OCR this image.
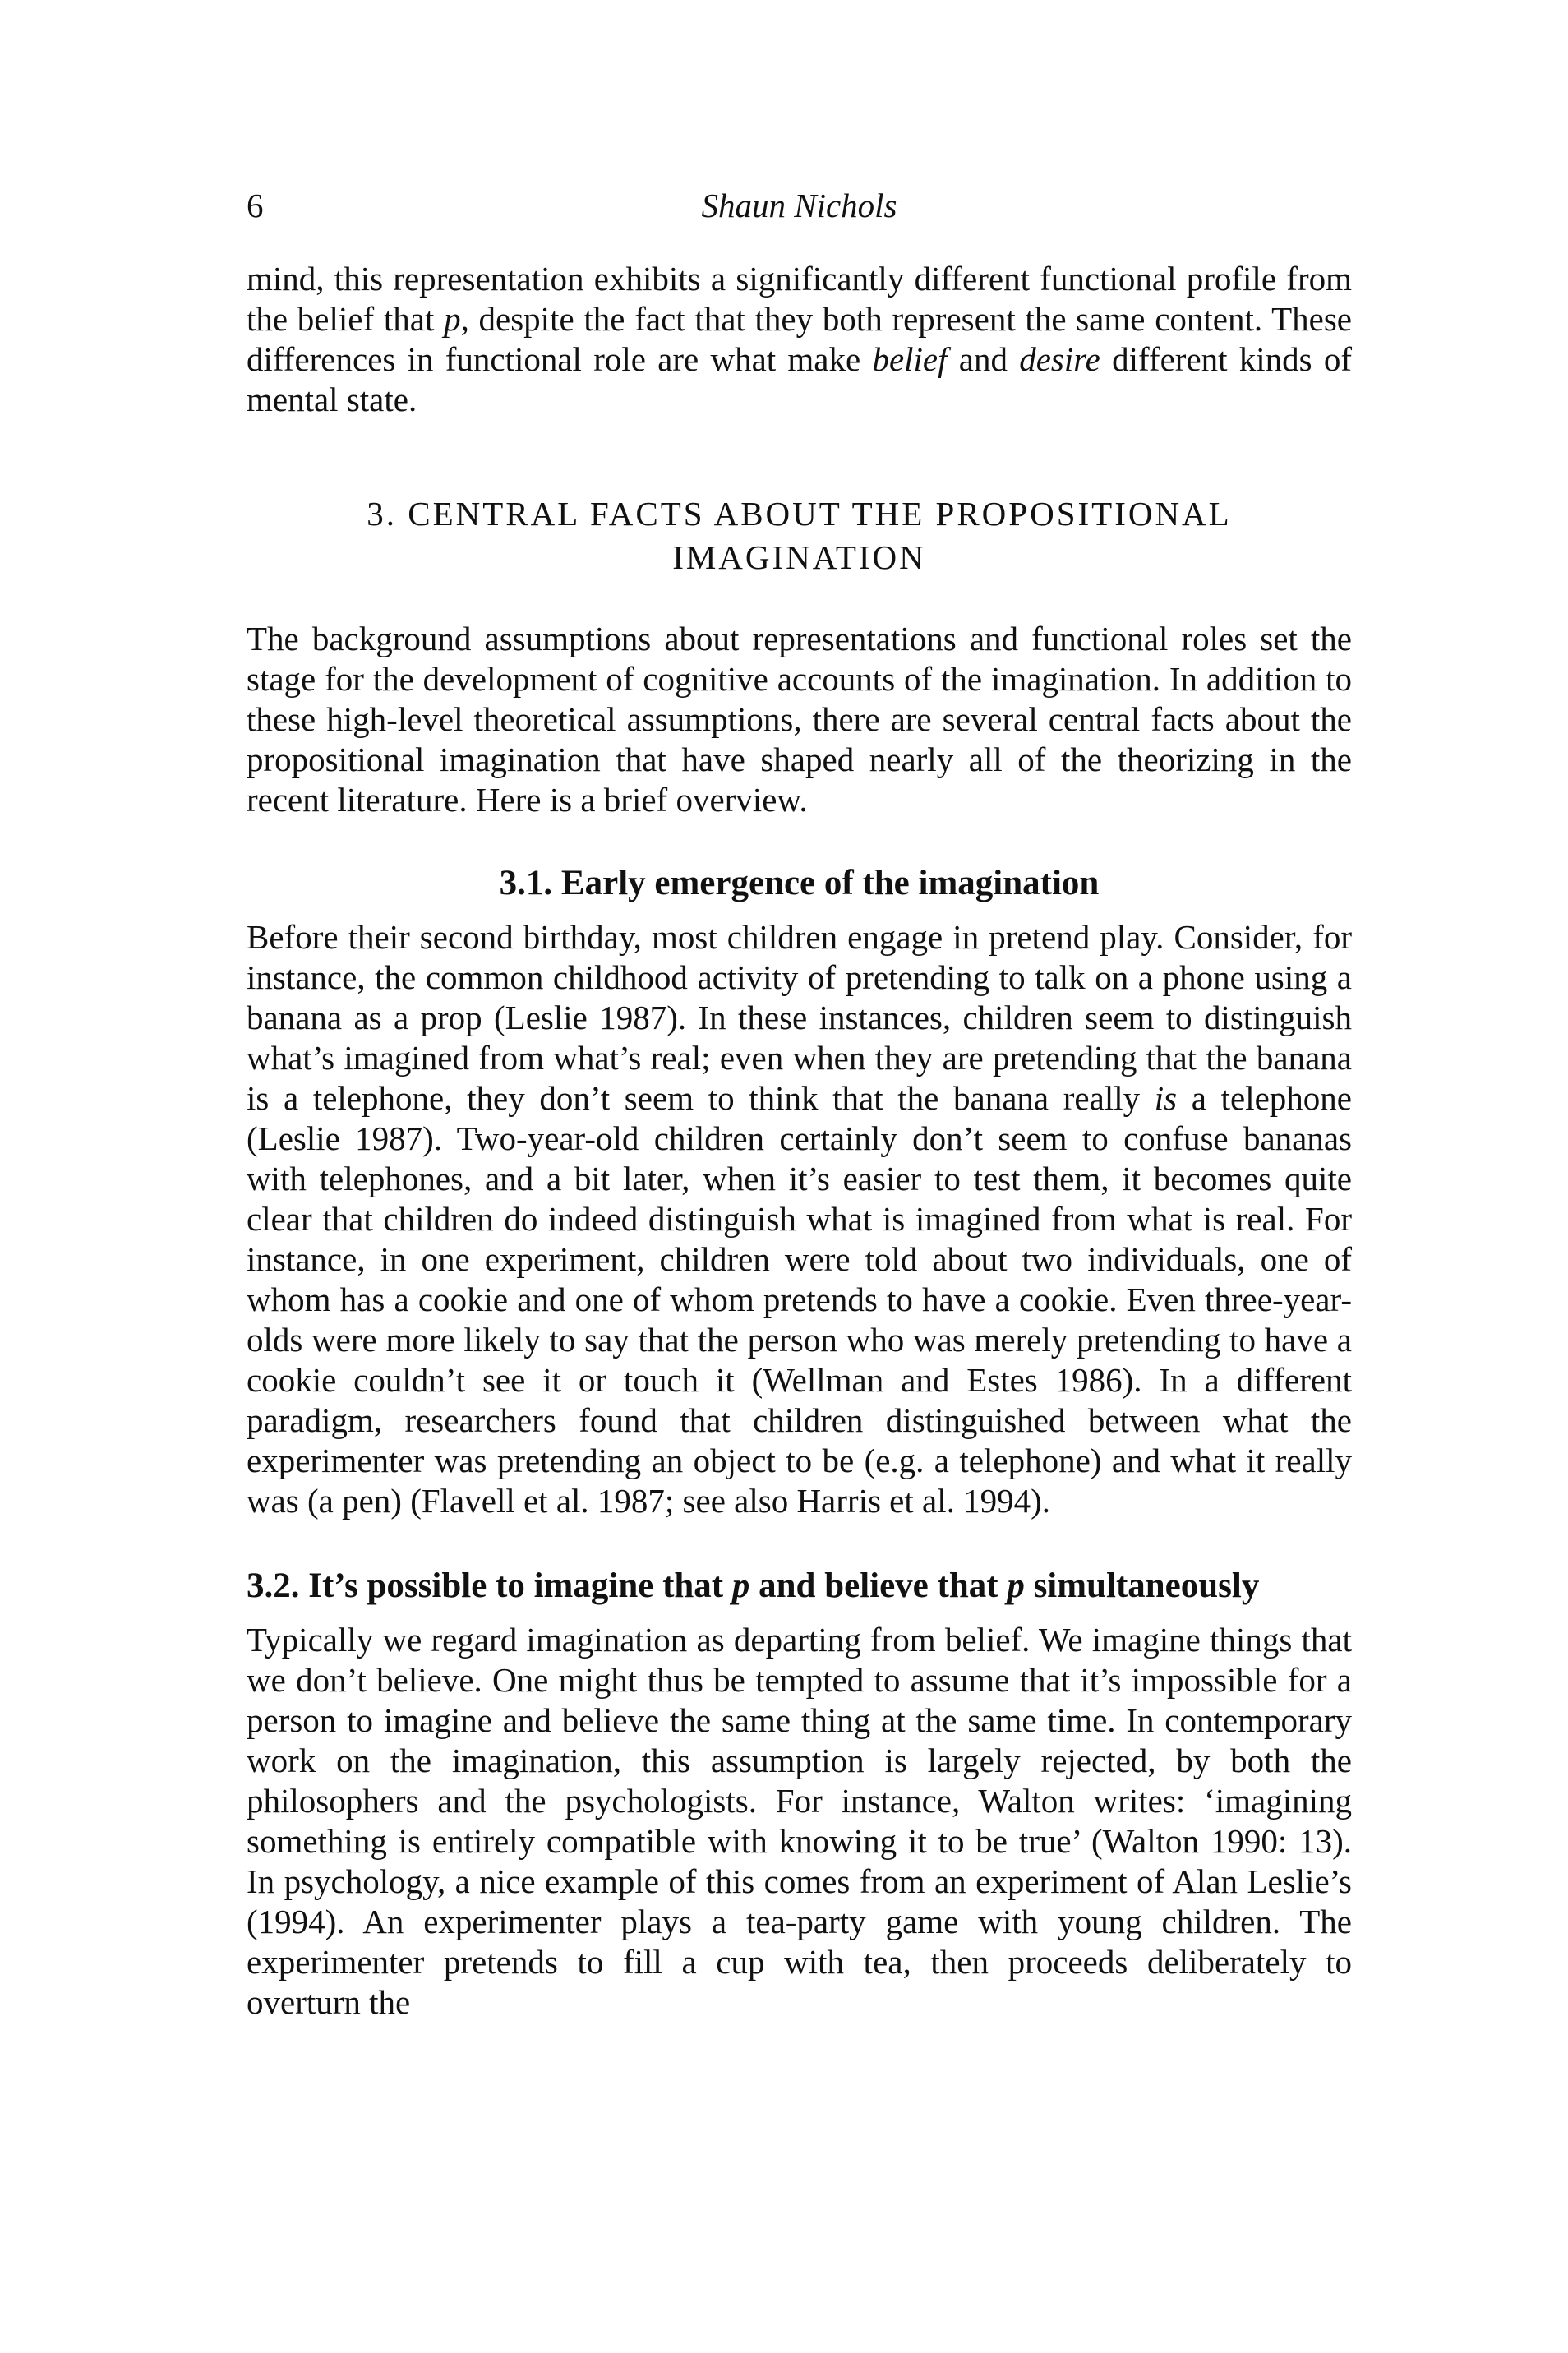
6	Shaun Nichols

mind, this representation exhibits a significantly different functional profile from the belief that p, despite the fact that they both represent the same content. These differences in functional role are what make belief and desire different kinds of mental state.

3. CENTRAL FACTS ABOUT THE PROPOSITIONAL
IMAGINATION

The background assumptions about representations and functional roles set the stage for the development of cognitive accounts of the imagination. In addition to these high-level theoretical assumptions, there are several central facts about the propositional imagination that have shaped nearly all of the theorizing in the recent literature. Here is a brief overview.

3.1. Early emergence of the imagination

Before their second birthday, most children engage in pretend play. Consider, for instance, the common childhood activity of pretending to talk on a phone using a banana as a prop (Leslie 1987). In these instances, children seem to distinguish what’s imagined from what’s real; even when they are pretending that the banana is a telephone, they don’t seem to think that the banana really is a telephone (Leslie 1987). Two-year-old children certainly don’t seem to confuse bananas with telephones, and a bit later, when it’s easier to test them, it becomes quite clear that children do indeed distinguish what is imagined from what is real. For instance, in one experiment, children were told about two individuals, one of whom has a cookie and one of whom pretends to have a cookie. Even three-year-olds were more likely to say that the person who was merely pretending to have a cookie couldn’t see it or touch it (Wellman and Estes 1986). In a different paradigm, researchers found that children distinguished between what the experimenter was pretending an object to be (e.g. a telephone) and what it really was (a pen) (Flavell et al. 1987; see also Harris et al. 1994).

3.2. It’s possible to imagine that p and believe that p simultaneously

Typically we regard imagination as departing from belief. We imagine things that we don’t believe. One might thus be tempted to assume that it’s impossible for a person to imagine and believe the same thing at the same time. In contemporary work on the imagination, this assumption is largely rejected, by both the philosophers and the psychologists. For instance, Walton writes: ‘imagining something is entirely compatible with knowing it to be true’ (Walton 1990: 13). In psychology, a nice example of this comes from an experiment of Alan Leslie’s (1994). An experimenter plays a tea-party game with young children. The experimenter pretends to fill a cup with tea, then proceeds deliberately to overturn the
